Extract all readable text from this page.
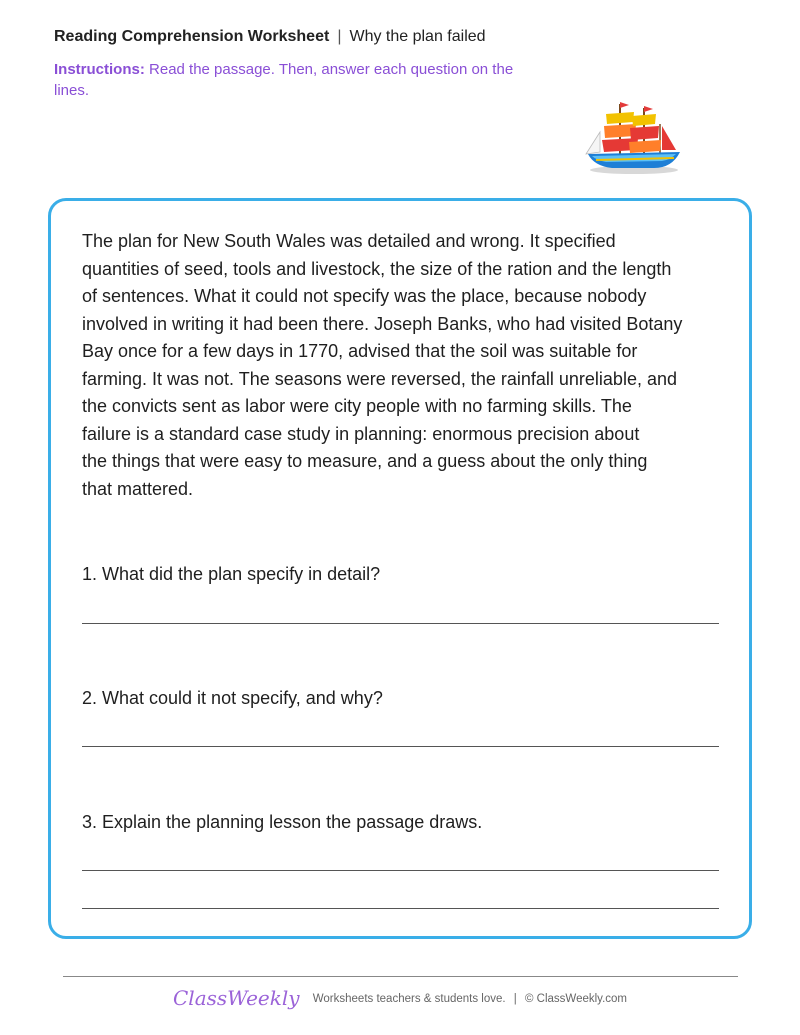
Reading Comprehension Worksheet | Why the plan failed
Instructions: Read the passage. Then, answer each question on the lines.
The plan for New South Wales was detailed and wrong. It specified
quantities of seed, tools and livestock, the size of the ration and the length
of sentences. What it could not specify was the place, because nobody
involved in writing it had been there. Joseph Banks, who had visited Botany
Bay once for a few days in 1770, advised that the soil was suitable for
farming. It was not. The seasons were reversed, the rainfall unreliable, and
the convicts sent as labor were city people with no farming skills. The
failure is a standard case study in planning: enormous precision about
the things that were easy to measure, and a guess about the only thing
that mattered.
1. What did the plan specify in detail?
2. What could it not specify, and why?
3. Explain the planning lesson the passage draws.
ClassWeekly Worksheets teachers & students love. | © ClassWeekly.com
